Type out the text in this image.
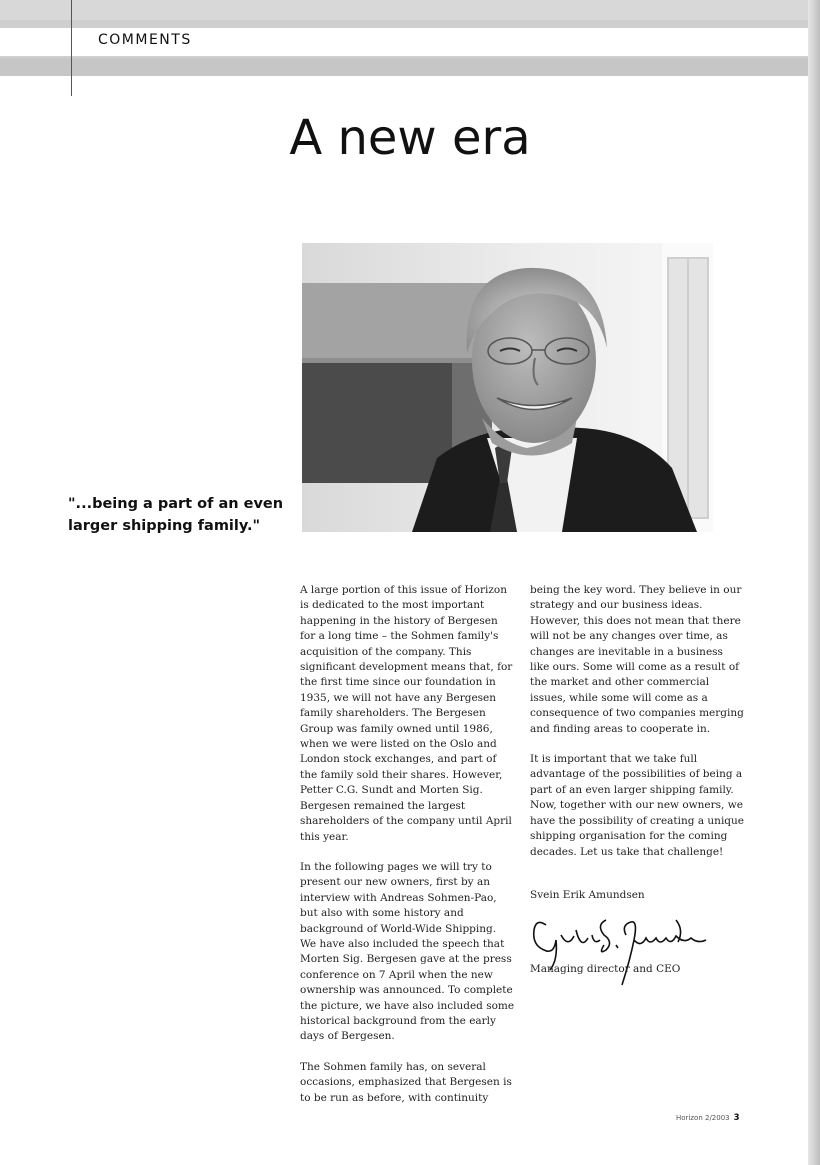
COMMENTS

A new era

"...being a part of an even larger shipping family."

A large portion of this issue of Horizon is dedicated to the most important happening in the history of Bergesen for a long time – the Sohmen family's acquisition of the company. This significant development means that, for the first time since our foundation in 1935, we will not have any Bergesen family shareholders. The Bergesen Group was family owned until 1986, when we were listed on the Oslo and London stock exchanges, and part of the family sold their shares. However, Petter C.G. Sundt and Morten Sig. Bergesen remained the largest shareholders of the company until April this year.

In the following pages we will try to present our new owners, first by an interview with Andreas Sohmen-Pao, but also with some history and background of World-Wide Shipping. We have also included the speech that Morten Sig. Bergesen gave at the press conference on 7 April when the new ownership was announced. To complete the picture, we have also included some historical background from the early days of Bergesen.

The Sohmen family has, on several occasions, emphasized that Bergesen is to be run as before, with continuity

being the key word. They believe in our strategy and our business ideas. However, this does not mean that there will not be any changes over time, as changes are inevitable in a business like ours. Some will come as a result of the market and other commercial issues, while some will come as a consequence of two companies merging and finding areas to cooperate in.

It is important that we take full advantage of the possibilities of being a part of an even larger shipping family. Now, together with our new owners, we have the possibility of creating a unique shipping organisation for the coming decades. Let us take that challenge!

Svein Erik Amundsen
Managing director and CEO
Horizon 2/2003 3
